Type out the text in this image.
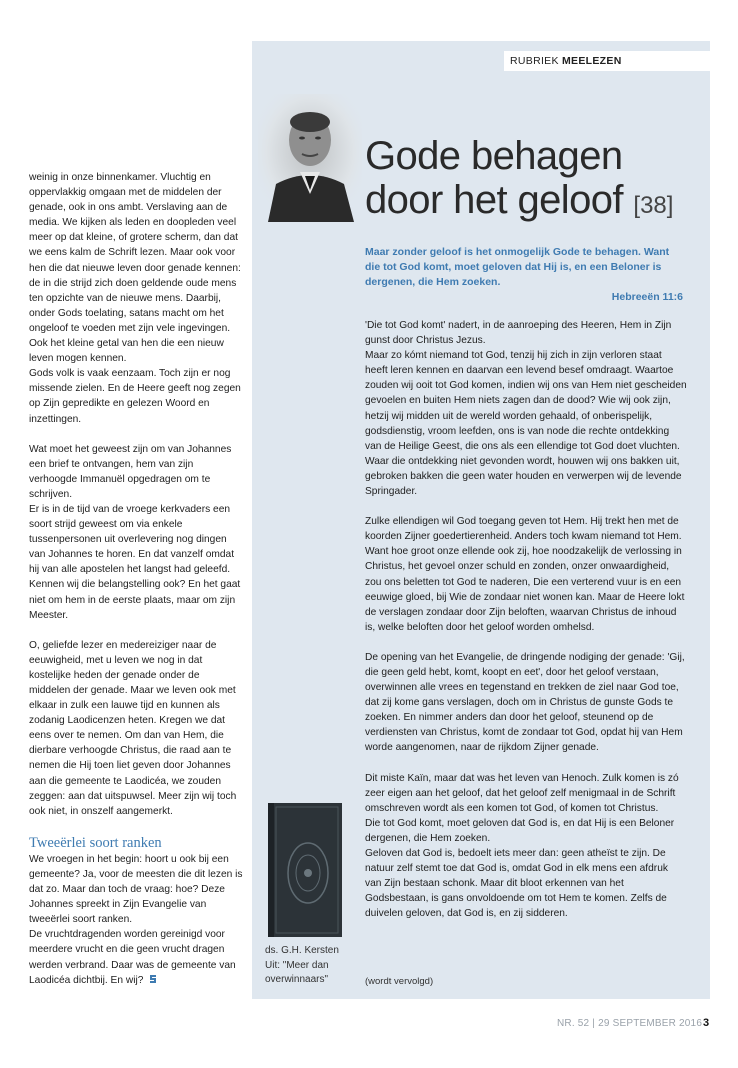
RUBRIEK MEELEZEN
Gode behagen
door het geloof [38]
Maar zonder geloof is het onmogelijk Gode te behagen. Want die tot God komt, moet geloven dat Hij is, en een Beloner is dergenen, die Hem zoeken.
Hebreeën 11:6

weinig in onze binnenkamer. Vluchtig en oppervlakkig omgaan met de middelen der genade, ook in ons ambt. Verslaving aan de media. We kijken als leden en doopleden veel meer op dat kleine, of grotere scherm, dan dat we eens kalm de Schrift lezen. Maar ook voor hen die dat nieuwe leven door genade kennen: de in die strijd zich doen geldende oude mens ten opzichte van de nieuwe mens. Daarbij, onder Gods toelating, satans macht om het ongeloof te voeden met zijn vele ingevingen. Ook het kleine getal van hen die een nieuw leven mogen kennen.

Gods volk is vaak eenzaam. Toch zijn er nog missende zielen. En de Heere geeft nog zegen op Zijn gepredikte en gelezen Woord en inzettingen.

Wat moet het geweest zijn om van Johannes een brief te ontvangen, hem van zijn verhoogde Immanuël opgedragen om te schrijven.

Er is in de tijd van de vroege kerkvaders een soort strijd geweest om via enkele tussenpersonen uit overlevering nog dingen van Johannes te horen. En dat vanzelf omdat hij van alle apostelen het langst had geleefd. Kennen wij die belangstelling ook? En het gaat niet om hem in de eerste plaats, maar om zijn Meester.

O, geliefde lezer en medereiziger naar de eeuwigheid, met u leven we nog in dat kostelijke heden der genade onder de middelen der genade. Maar we leven ook met elkaar in zulk een lauwe tijd en kunnen als zodanig Laodicenzen heten. Kregen we dat eens over te nemen. Om dan van Hem, die dierbare verhoogde Christus, die raad aan te nemen die Hij toen liet geven door Johannes aan die gemeente te Laodicéa, we zouden zeggen: aan dat uitspuwsel. Meer zijn wij toch ook niet, in onszelf aangemerkt.

Tweeërlei soort ranken

We vroegen in het begin: hoort u ook bij een gemeente? Ja, voor de meesten die dit lezen is dat zo. Maar dan toch de vraag: hoe? Deze Johannes spreekt in Zijn Evangelie van tweeërlei soort ranken.

De vruchtdragenden worden gereinigd voor meerdere vrucht en die geen vrucht dragen werden verbrand. Daar was de gemeente van Laodicéa dichtbij. En wij?

'Die tot God komt' nadert, in de aanroeping des Heeren, Hem in Zijn gunst door Christus Jezus.

Maar zo kómt niemand tot God, tenzij hij zich in zijn verloren staat heeft leren kennen en daarvan een levend besef omdraagt. Waartoe zouden wij ooit tot God komen, indien wij ons van Hem niet gescheiden gevoelen en buiten Hem niets zagen dan de dood? Wie wij ook zijn, hetzij wij midden uit de wereld worden gehaald, of onberispelijk, godsdienstig, vroom leefden, ons is van node die rechte ontdekking van de Heilige Geest, die ons als een ellendige tot God doet vluchten. Waar die ontdekking niet gevonden wordt, houwen wij ons bakken uit, gebroken bakken die geen water houden en verwerpen wij de levende Springader.

Zulke ellendigen wil God toegang geven tot Hem. Hij trekt hen met de koorden Zijner goedertierenheid. Anders toch kwam niemand tot Hem. Want hoe groot onze ellende ook zij, hoe noodzakelijk de verlossing in Christus, het gevoel onzer schuld en zonden, onzer onwaardigheid, zou ons beletten tot God te naderen, Die een verterend vuur is en een eeuwige gloed, bij Wie de zondaar niet wonen kan. Maar de Heere lokt de verslagen zondaar door Zijn beloften, waarvan Christus de inhoud is, welke beloften door het geloof worden omhelsd.

De opening van het Evangelie, de dringende nodiging der genade: 'Gij, die geen geld hebt, komt, koopt en eet', door het geloof verstaan, overwinnen alle vrees en tegenstand en trekken de ziel naar God toe, dat zij kome gans verslagen, doch om in Christus de gunste Gods te zoeken. En nimmer anders dan door het geloof, steunend op de verdiensten van Christus, komt de zondaar tot God, opdat hij van Hem worde aangenomen, naar de rijkdom Zijner genade.

Dit miste Kaïn, maar dat was het leven van Henoch. Zulk komen is zó zeer eigen aan het geloof, dat het geloof zelf menigmaal in de Schrift omschreven wordt als een komen tot God, of komen tot Christus.

Die tot God komt, moet geloven dat God is, en dat Hij is een Beloner dergenen, die Hem zoeken.

Geloven dat God is, bedoelt iets meer dan: geen atheïst te zijn. De natuur zelf stemt toe dat God is, omdat God in elk mens een afdruk van Zijn bestaan schonk. Maar dit bloot erkennen van het Godsbestaan, is gans onvoldoende om tot Hem te komen. Zelfs de duivelen geloven, dat God is, en zij sidderen.

ds. G.H. Kersten
Uit: "Meer dan
overwinnaars"	(wordt vervolgd)
NR. 52 | 29 SEPTEMBER 2016 3
